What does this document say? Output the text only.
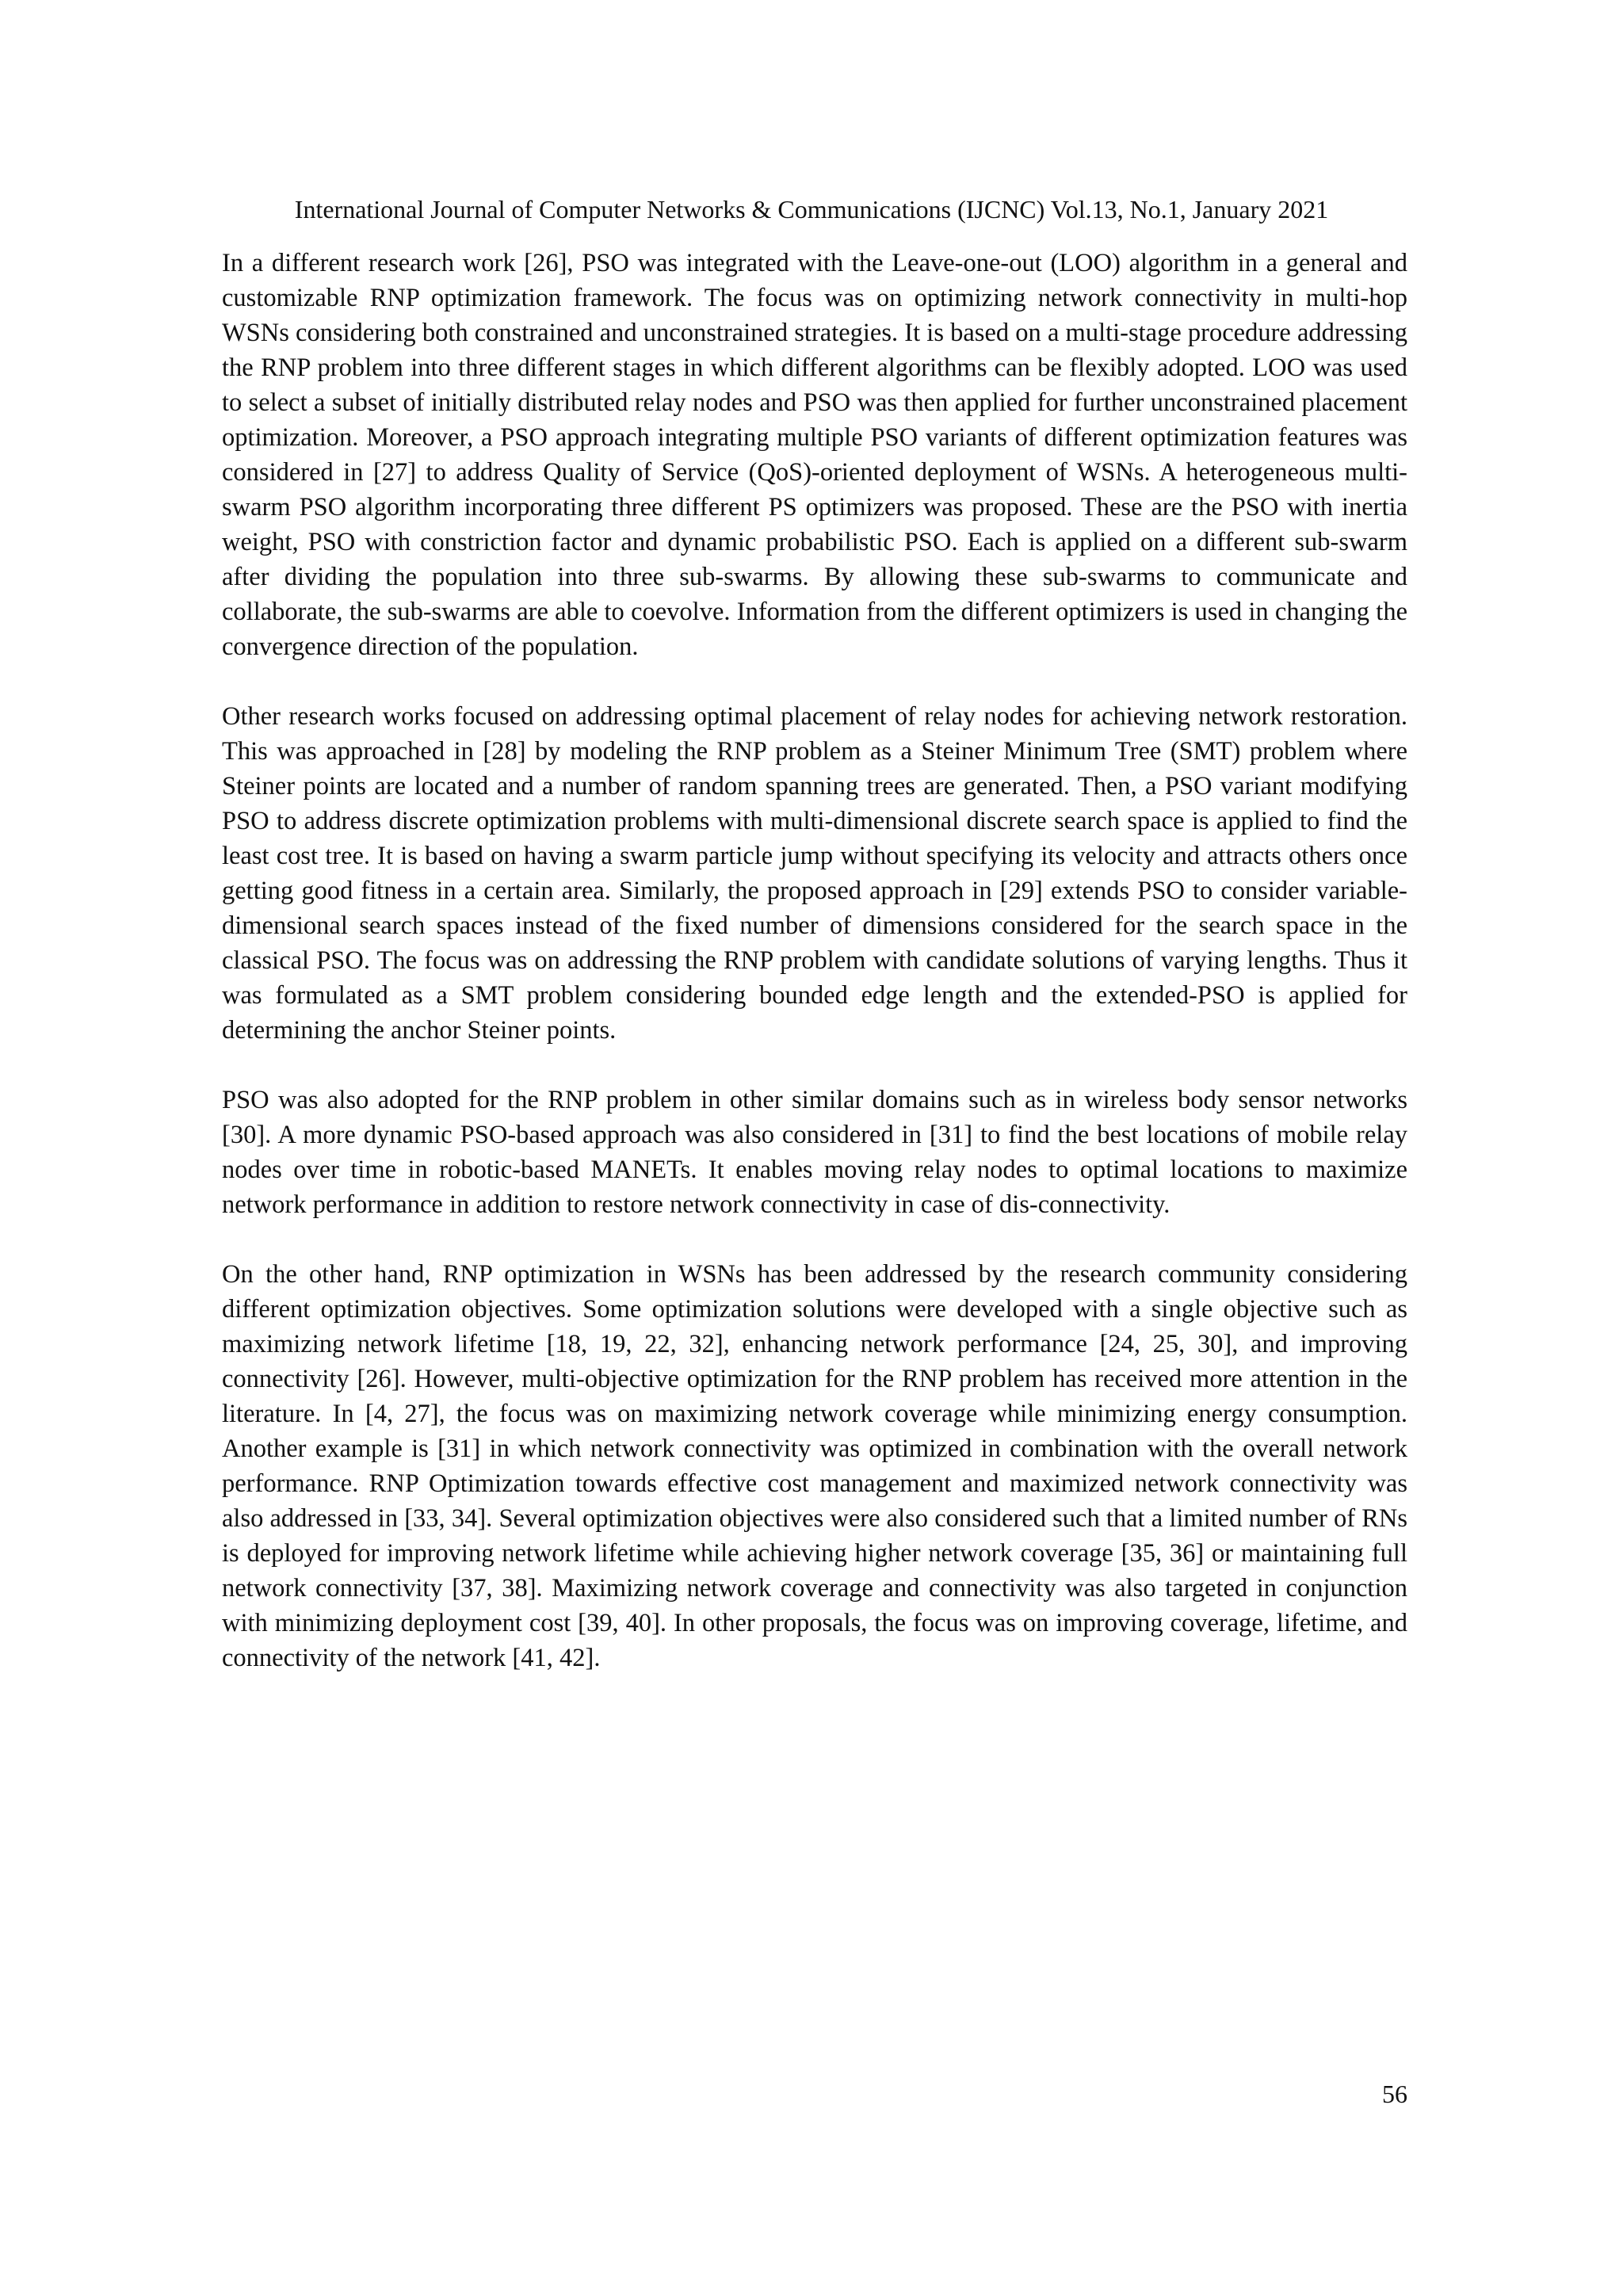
International Journal of Computer Networks & Communications (IJCNC) Vol.13, No.1, January 2021

In a different research work [26], PSO was integrated with the Leave-one-out (LOO) algorithm in a general and customizable RNP optimization framework. The focus was on optimizing network connectivity in multi-hop WSNs considering both constrained and unconstrained strategies. It is based on a multi-stage procedure addressing the RNP problem into three different stages in which different algorithms can be flexibly adopted. LOO was used to select a subset of initially distributed relay nodes and PSO was then applied for further unconstrained placement optimization. Moreover, a PSO approach integrating multiple PSO variants of different optimization features was considered in [27] to address Quality of Service (QoS)-oriented deployment of WSNs. A heterogeneous multi-swarm PSO algorithm incorporating three different PS optimizers was proposed. These are the PSO with inertia weight, PSO with constriction factor and dynamic probabilistic PSO. Each is applied on a different sub-swarm after dividing the population into three sub-swarms. By allowing these sub-swarms to communicate and collaborate, the sub-swarms are able to coevolve. Information from the different optimizers is used in changing the convergence direction of the population.

Other research works focused on addressing optimal placement of relay nodes for achieving network restoration. This was approached in [28] by modeling the RNP problem as a Steiner Minimum Tree (SMT) problem where Steiner points are located and a number of random spanning trees are generated. Then, a PSO variant modifying PSO to address discrete optimization problems with multi-dimensional discrete search space is applied to find the least cost tree. It is based on having a swarm particle jump without specifying its velocity and attracts others once getting good fitness in a certain area. Similarly, the proposed approach in [29] extends PSO to consider variable-dimensional search spaces instead of the fixed number of dimensions considered for the search space in the classical PSO. The focus was on addressing the RNP problem with candidate solutions of varying lengths. Thus it was formulated as a SMT problem considering bounded edge length and the extended-PSO is applied for determining the anchor Steiner points.

PSO was also adopted for the RNP problem in other similar domains such as in wireless body sensor networks [30]. A more dynamic PSO-based approach was also considered in [31] to find the best locations of mobile relay nodes over time in robotic-based MANETs. It enables moving relay nodes to optimal locations to maximize network performance in addition to restore network connectivity in case of dis-connectivity.

On the other hand, RNP optimization in WSNs has been addressed by the research community considering different optimization objectives. Some optimization solutions were developed with a single objective such as maximizing network lifetime [18, 19, 22, 32], enhancing network performance [24, 25, 30], and improving connectivity [26]. However, multi-objective optimization for the RNP problem has received more attention in the literature. In [4, 27], the focus was on maximizing network coverage while minimizing energy consumption. Another example is [31] in which network connectivity was optimized in combination with the overall network performance. RNP Optimization towards effective cost management and maximized network connectivity was also addressed in [33, 34]. Several optimization objectives were also considered such that a limited number of RNs is deployed for improving network lifetime while achieving higher network coverage [35, 36] or maintaining full network connectivity [37, 38]. Maximizing network coverage and connectivity was also targeted in conjunction with minimizing deployment cost [39, 40]. In other proposals, the focus was on improving coverage, lifetime, and connectivity of the network [41, 42].

56
